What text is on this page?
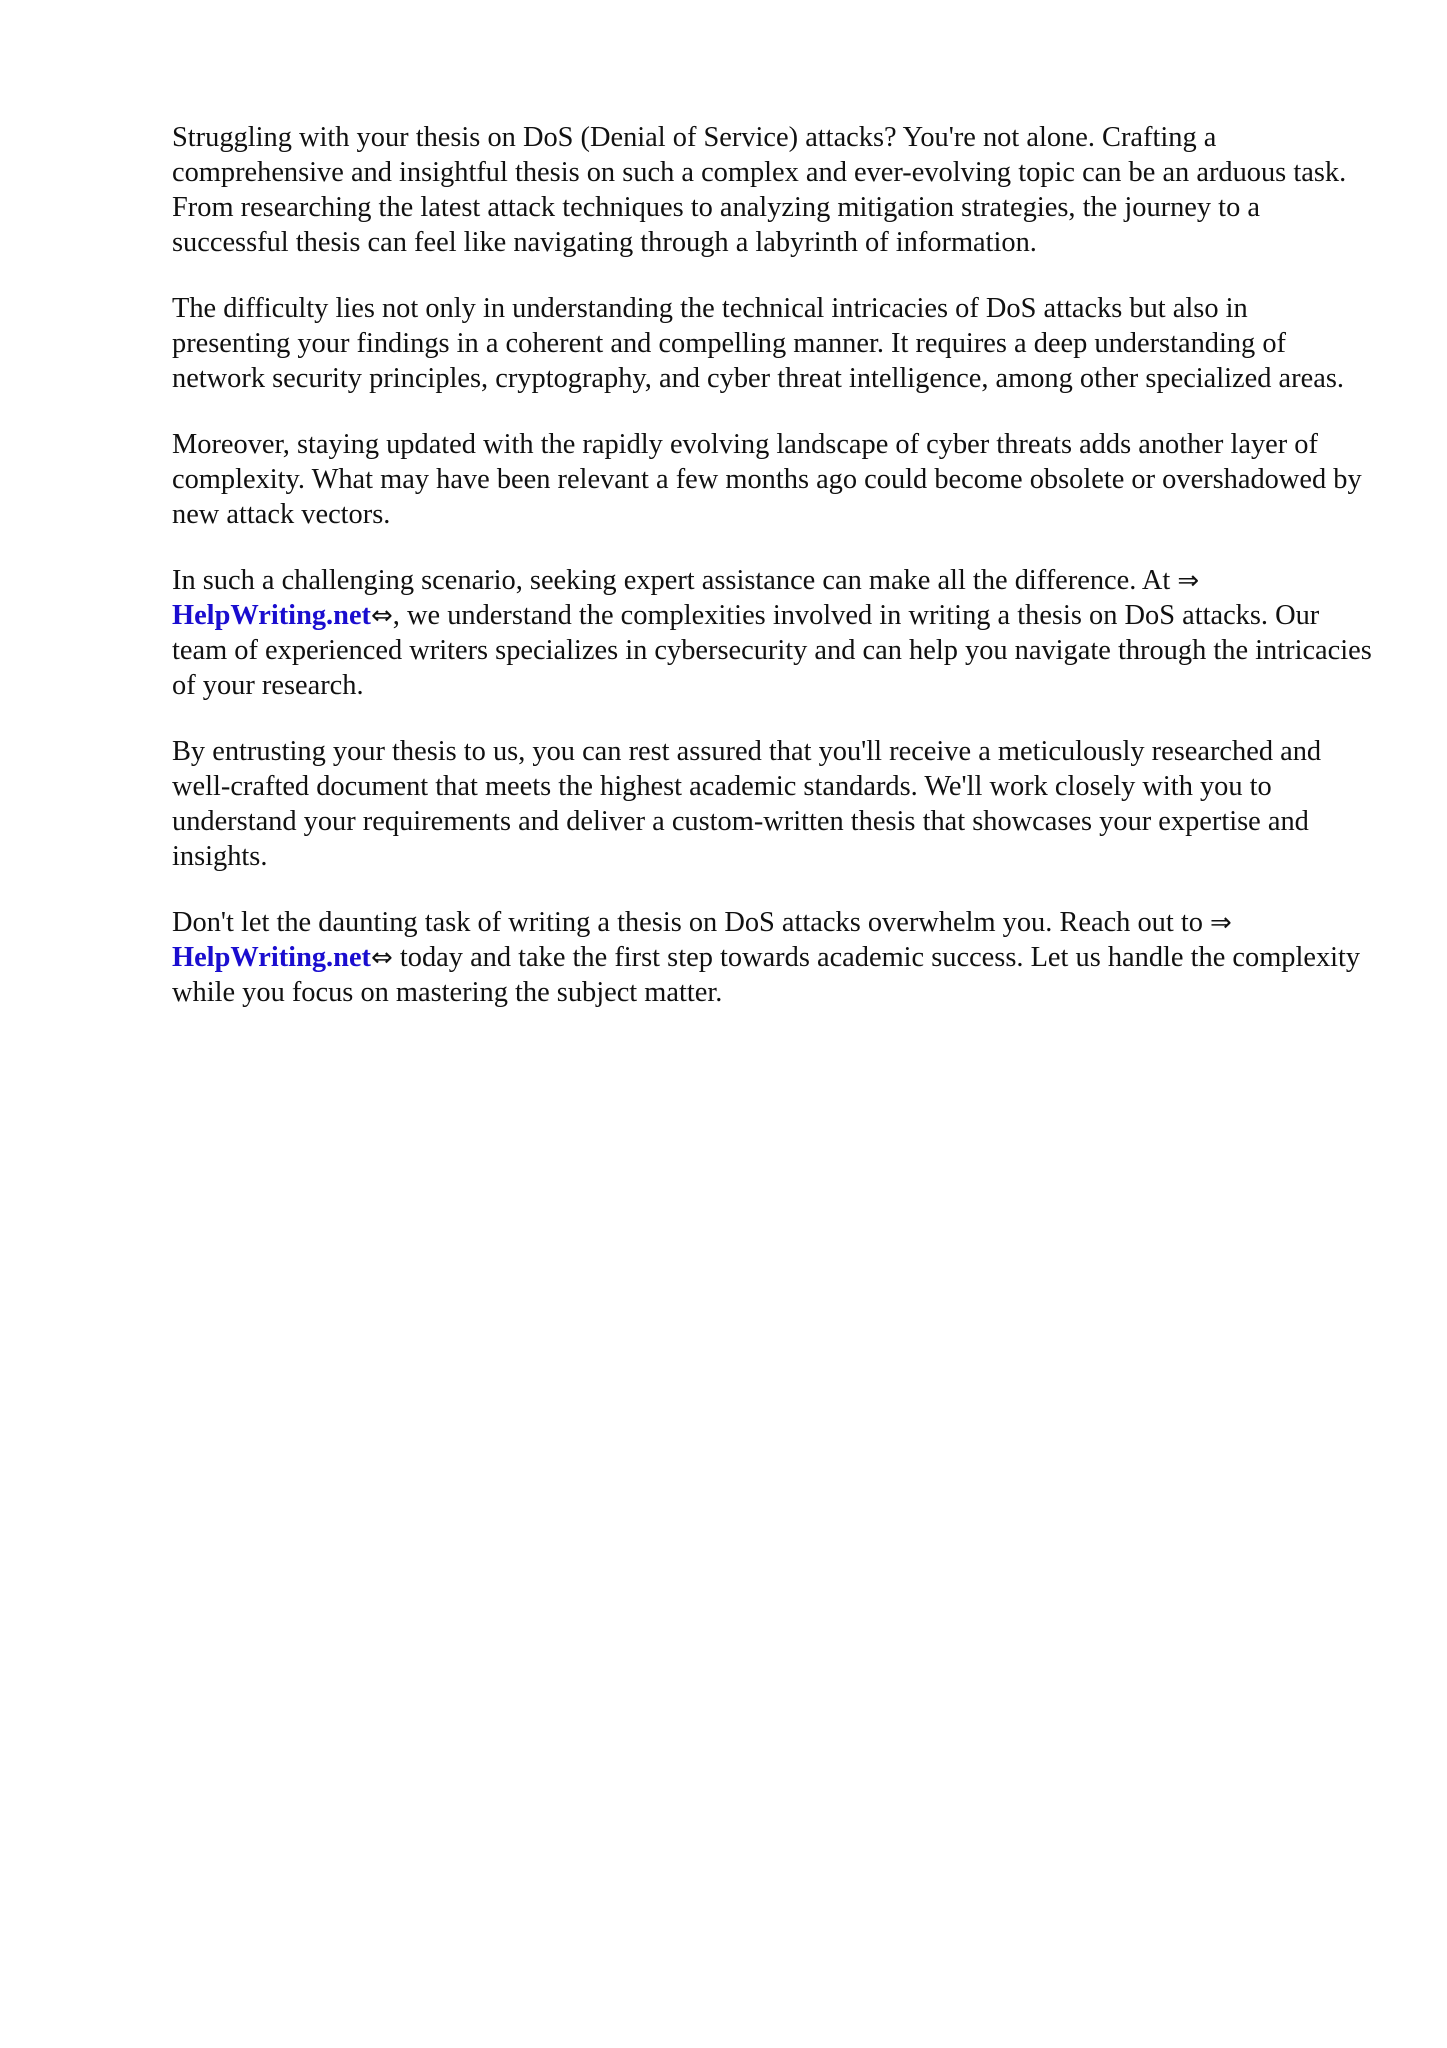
Struggling with your thesis on DoS (Denial of Service) attacks? You're not alone. Crafting a comprehensive and insightful thesis on such a complex and ever-evolving topic can be an arduous task. From researching the latest attack techniques to analyzing mitigation strategies, the journey to a successful thesis can feel like navigating through a labyrinth of information.

The difficulty lies not only in understanding the technical intricacies of DoS attacks but also in presenting your findings in a coherent and compelling manner. It requires a deep understanding of network security principles, cryptography, and cyber threat intelligence, among other specialized areas.

Moreover, staying updated with the rapidly evolving landscape of cyber threats adds another layer of complexity. What may have been relevant a few months ago could become obsolete or overshadowed by new attack vectors.

In such a challenging scenario, seeking expert assistance can make all the difference. At ⇒ HelpWriting.net⇔, we understand the complexities involved in writing a thesis on DoS attacks. Our team of experienced writers specializes in cybersecurity and can help you navigate through the intricacies of your research.

By entrusting your thesis to us, you can rest assured that you'll receive a meticulously researched and well-crafted document that meets the highest academic standards. We'll work closely with you to understand your requirements and deliver a custom-written thesis that showcases your expertise and insights.

Don't let the daunting task of writing a thesis on DoS attacks overwhelm you. Reach out to ⇒ HelpWriting.net⇔ today and take the first step towards academic success. Let us handle the complexity while you focus on mastering the subject matter.
